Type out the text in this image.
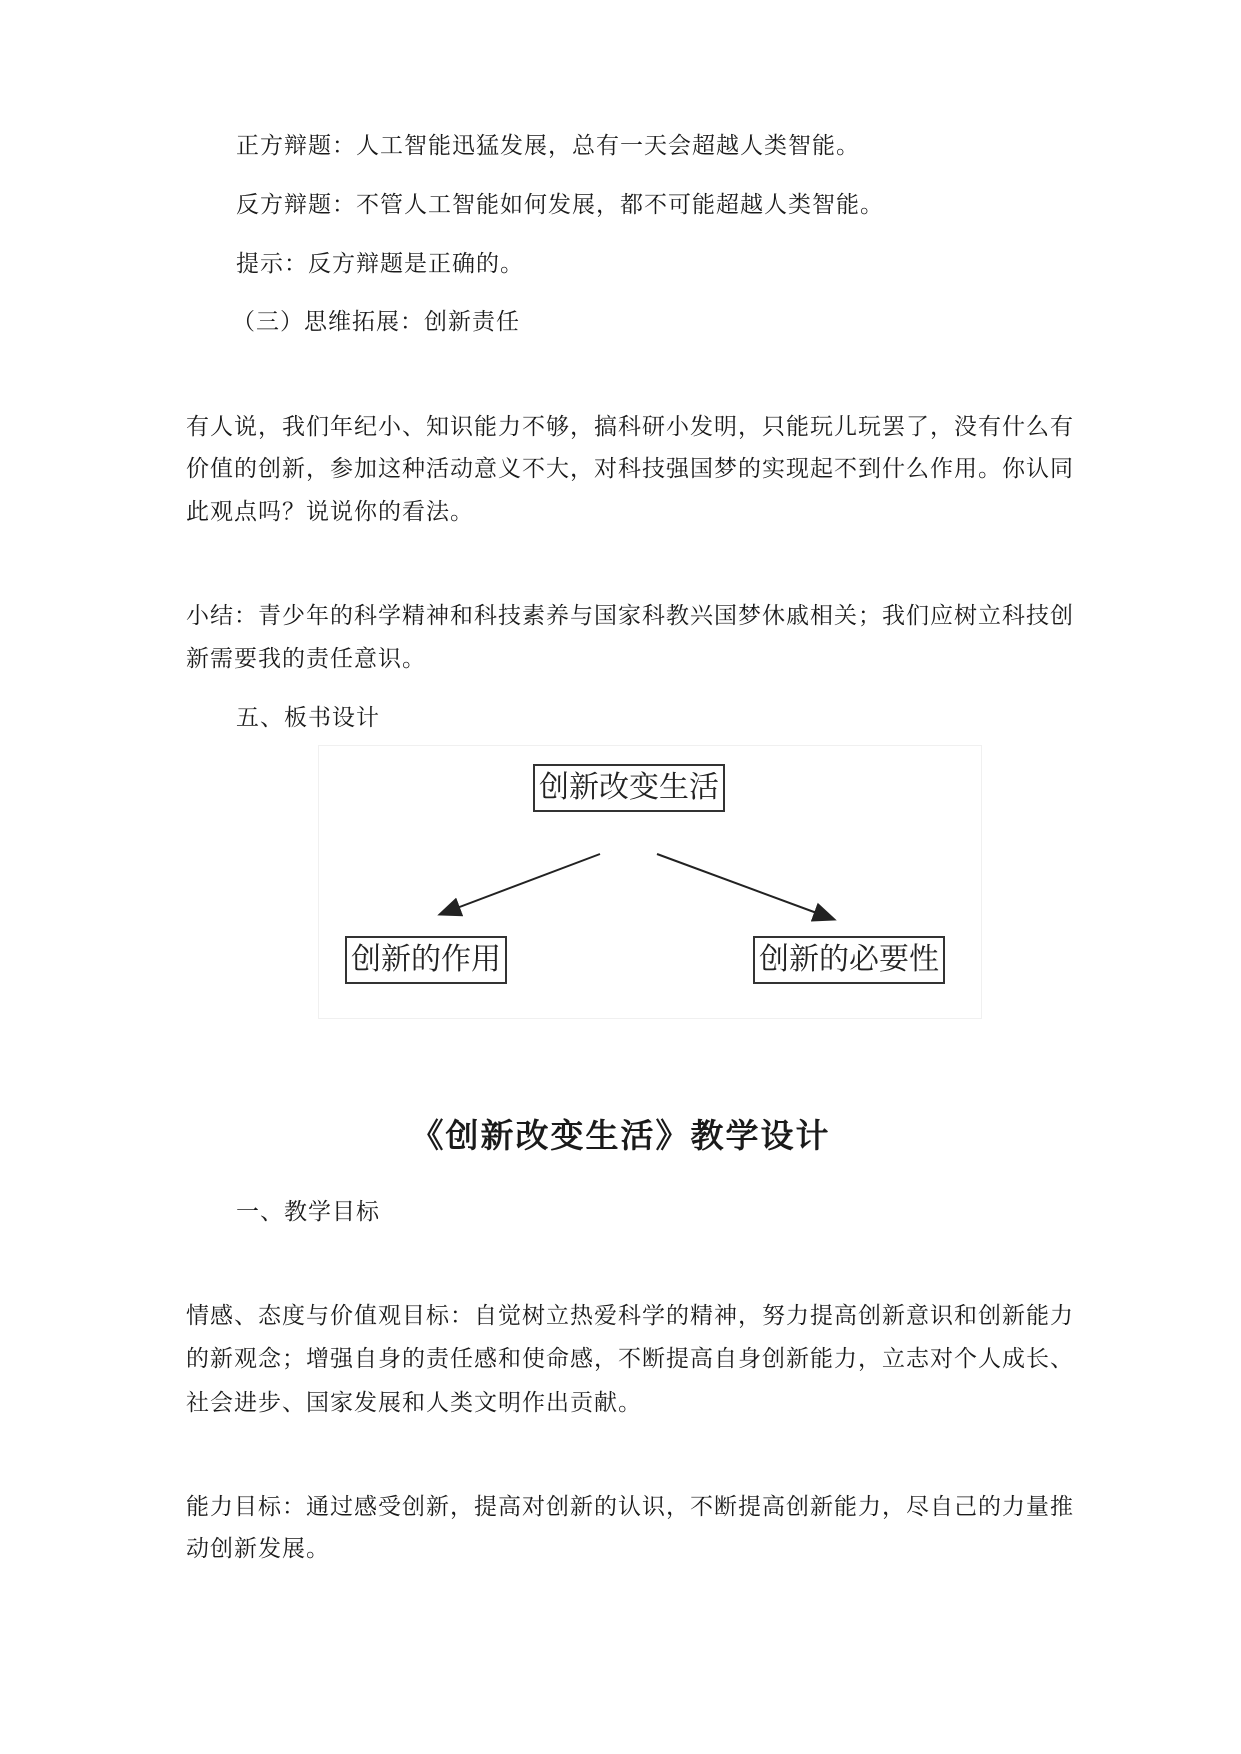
正方辩题：人工智能迅猛发展，总有一天会超越人类智能。
反方辩题：不管人工智能如何发展，都不可能超越人类智能。
提示：反方辩题是正确的。
（三）思维拓展：创新责任
有人说，我们年纪小、知识能力不够，搞科研小发明，只能玩儿玩罢了，没有什么有
价值的创新，参加这种活动意义不大，对科技强国梦的实现起不到什么作用。你认同
此观点吗？说说你的看法。
小结：青少年的科学精神和科技素养与国家科教兴国梦休戚相关；我们应树立科技创
新需要我的责任意识。
五、板书设计
创新改变生活
创新的作用	创新的必要性
《创新改变生活》教学设计
一、教学目标
情感、态度与价值观目标：自觉树立热爱科学的精神，努力提高创新意识和创新能力
的新观念；增强自身的责任感和使命感，不断提高自身创新能力，立志对个人成长、
社会进步、国家发展和人类文明作出贡献。
能力目标：通过感受创新，提高对创新的认识，不断提高创新能力，尽自己的力量推
动创新发展。
